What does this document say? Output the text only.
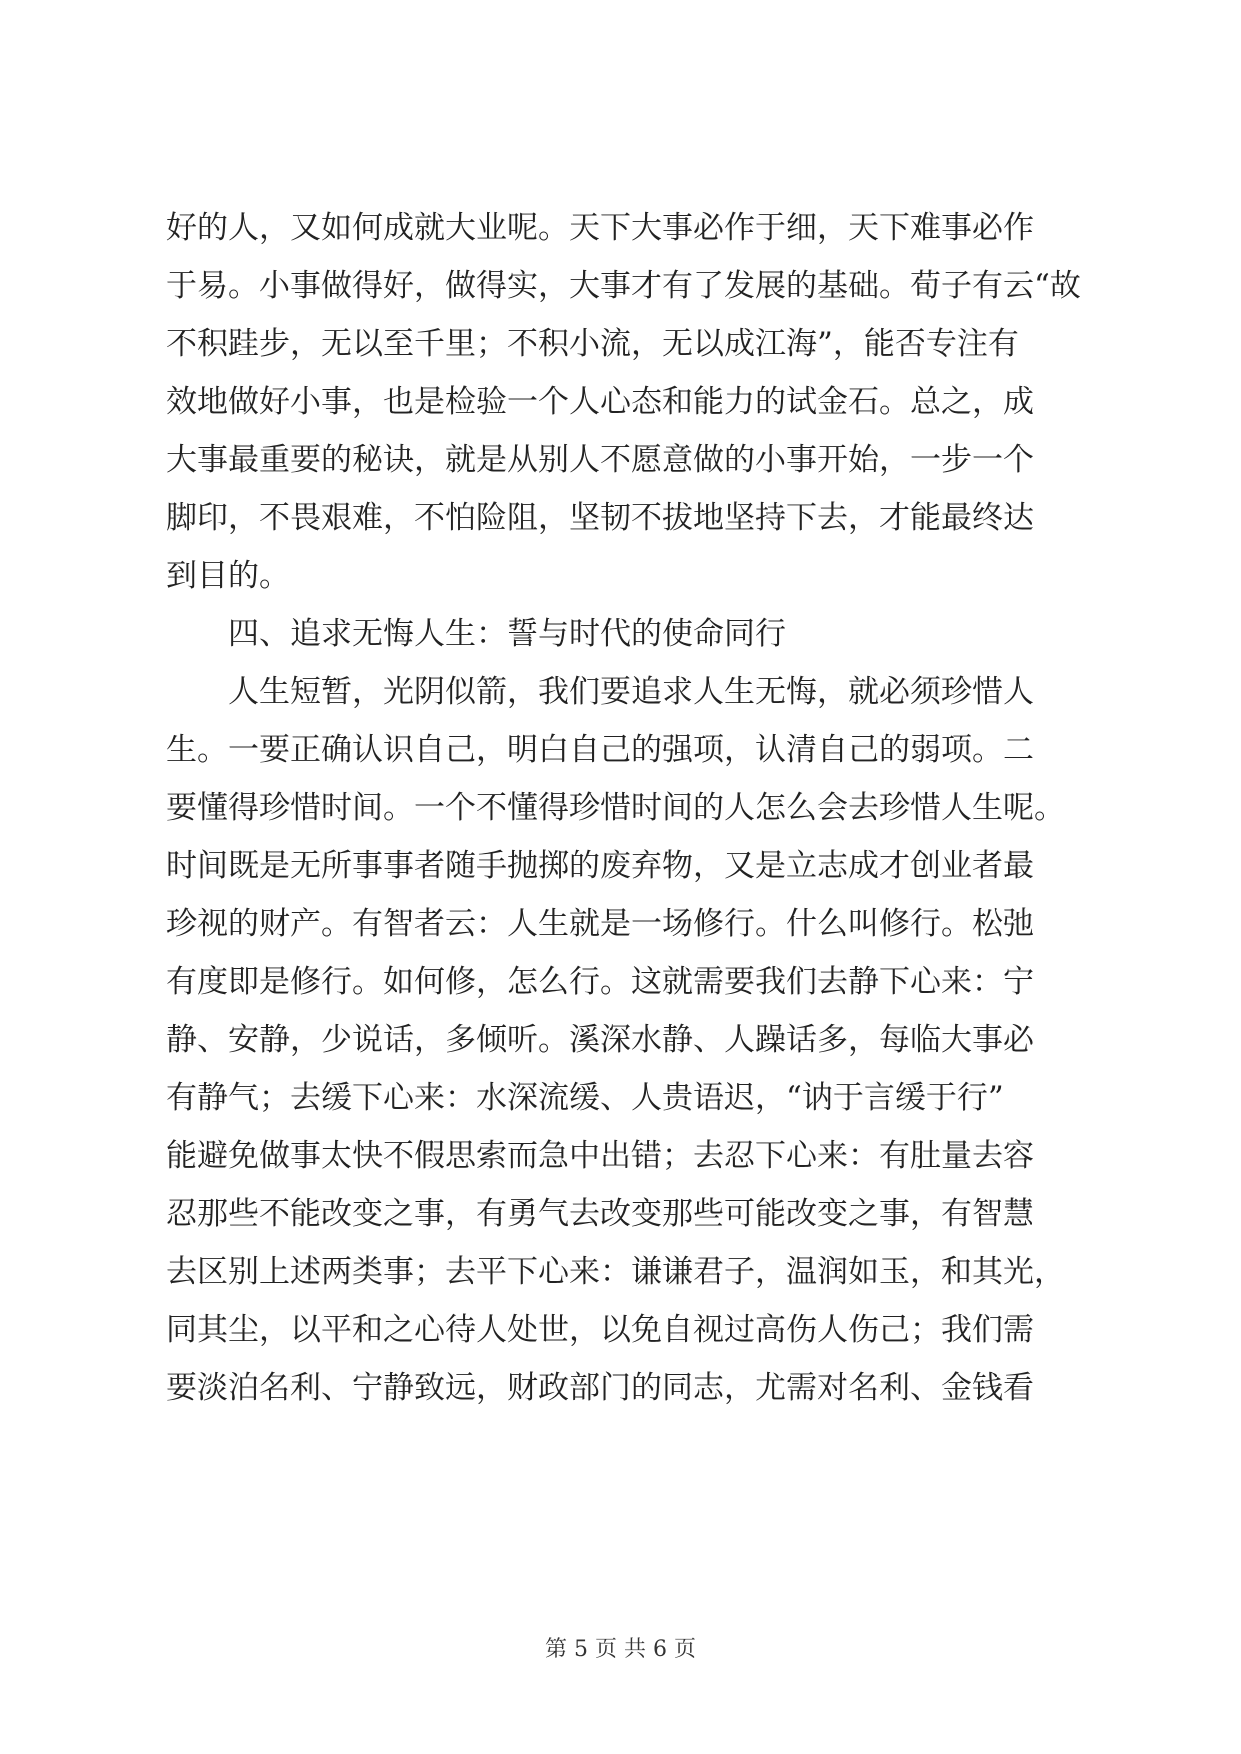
好的人，又如何成就大业呢。天下大事必作于细，天下难事必作
于易。小事做得好，做得实，大事才有了发展的基础。荀子有云“故
不积跬步，无以至千里；不积小流，无以成江海”，能否专注有
效地做好小事，也是检验一个人心态和能力的试金石。总之，成
大事最重要的秘诀，就是从别人不愿意做的小事开始，一步一个
脚印，不畏艰难，不怕险阻，坚韧不拔地坚持下去，才能最终达
到目的。
四、追求无悔人生：誓与时代的使命同行
人生短暂，光阴似箭，我们要追求人生无悔，就必须珍惜人
生。一要正确认识自己，明白自己的强项，认清自己的弱项。二
要懂得珍惜时间。一个不懂得珍惜时间的人怎么会去珍惜人生呢。
时间既是无所事事者随手抛掷的废弃物，又是立志成才创业者最
珍视的财产。有智者云：人生就是一场修行。什么叫修行。松弛
有度即是修行。如何修，怎么行。这就需要我们去静下心来：宁
静、安静，少说话，多倾听。溪深水静、人躁话多，每临大事必
有静气；去缓下心来：水深流缓、人贵语迟，“讷于言缓于行”
能避免做事太快不假思索而急中出错；去忍下心来：有肚量去容
忍那些不能改变之事，有勇气去改变那些可能改变之事，有智慧
去区别上述两类事；去平下心来：谦谦君子，温润如玉，和其光，
同其尘，以平和之心待人处世，以免自视过高伤人伤己；我们需
要淡泊名利、宁静致远，财政部门的同志，尤需对名利、金钱看
第 5 页 共 6 页
